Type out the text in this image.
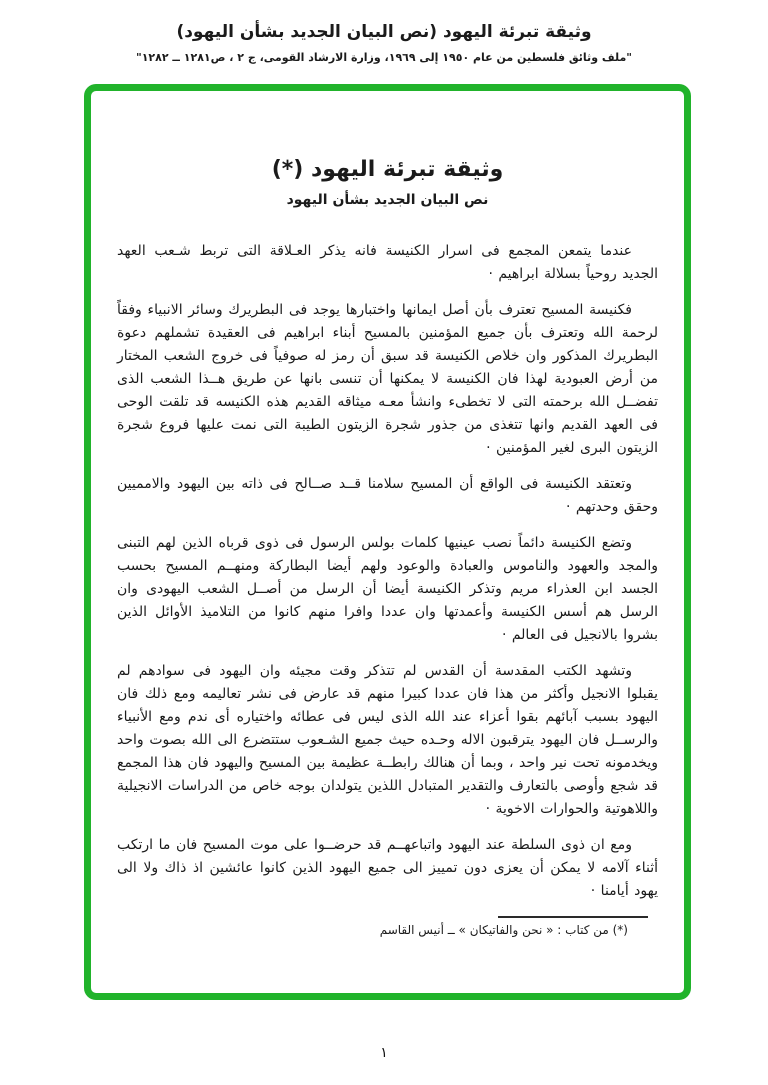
وثيقة تبرئة اليهود (نص البيان الجديد بشأن اليهود)
"ملف وثائق فلسطين من عام ١٩٥٠ إلى ١٩٦٩، وزارة الارشاد القومى، ج ٢ ، ص١٢٨١ ــ ١٢٨٢"
وثيقة تبرئة اليهود (*)
نص البيان الجديد بشأن اليهود

عندما يتمعن المجمع فى اسرار الكنيسة فانه يذكر العـلاقة التى تربط شـعب العهد الجديد روحياً بسلالة ابراهيم ·

فكنيسة المسيح تعترف بأن أصل ايمانها واختبارها يوجد فى البطريرك وسائر الانبياء وفقاً لرحمة الله وتعترف بأن جميع المؤمنين بالمسيح أبناء ابراهيم فى العقيدة تشملهم دعوة البطريرك المذكور وان خلاص الكنيسة قد سبق أن رمز له صوفياً فى خروج الشعب المختار من أرض العبودية لهذا فان الكنيسة لا يمكنها أن تنسى بانها عن طريق هــذا الشعب الذى تفضــل الله برحمته التى لا تخطىء وانشأ معـه ميثاقه القديم هذه الكنيسه قد تلقت الوحى فى العهد القديم وانها تتغذى من جذور شجرة الزيتون الطيبة التى نمت عليها فروع شجرة الزيتون البرى لغير المؤمنين ·

وتعتقد الكنيسة فى الواقع أن المسيح سلامنا قــد صــالح فى ذاته بين اليهود والامميين وحقق وحدتهم ·

وتضع الكنيسة دائماً نصب عينيها كلمات بولس الرسول فى ذوى قرباه الذين لهم التبنى والمجد والعهود والناموس والعبادة والوعود ولهم أيضا البطاركة ومنهــم المسيح بحسب الجسد ابن العذراء مريم وتذكر الكنيسة أيضا أن الرسل من أصــل الشعب اليهودى وان الرسل هم أسس الكنيسة وأعمدتها وان عددا وافرا منهم كانوا من التلاميذ الأوائل الذين بشروا بالانجيل فى العالم ·

وتشهد الكتب المقدسة أن القدس لم تتذكر وقت مجيئه وان اليهود فى سوادهم لم يقبلوا الانجيل وأكثر من هذا فان عددا كبيرا منهم قد عارض فى نشر تعاليمه ومع ذلك فان اليهود بسبب آبائهم بقوا أعزاء عند الله الذى ليس فى عطائه واختياره أى ندم ومع الأنبياء والرســل فان اليهود يترقبون الاله وحـده حيث جميع الشـعوب ستتضرع الى الله بصوت واحد ويخدمونه تحت نير واحد ، وبما أن هنالك رابطــة عظيمة بين المسيح واليهود فان هذا المجمع قد شجع وأوصى بالتعارف والتقدير المتبادل اللذين يتولدان بوجه خاص من الدراسات الانجيلية واللاهوتية والحوارات الاخوية ·

ومع ان ذوى السلطة عند اليهود واتباعهــم قد حرضــوا على موت المسيح فان ما ارتكب أثناء آلامه لا يمكن أن يعزى دون تمييز الى جميع اليهود الذين كانوا عائشين اذ ذاك ولا الى يهود أيامنا ·

(*) من كتاب : « نحن والفاتيكان » ــ أنيس القاسم
١
